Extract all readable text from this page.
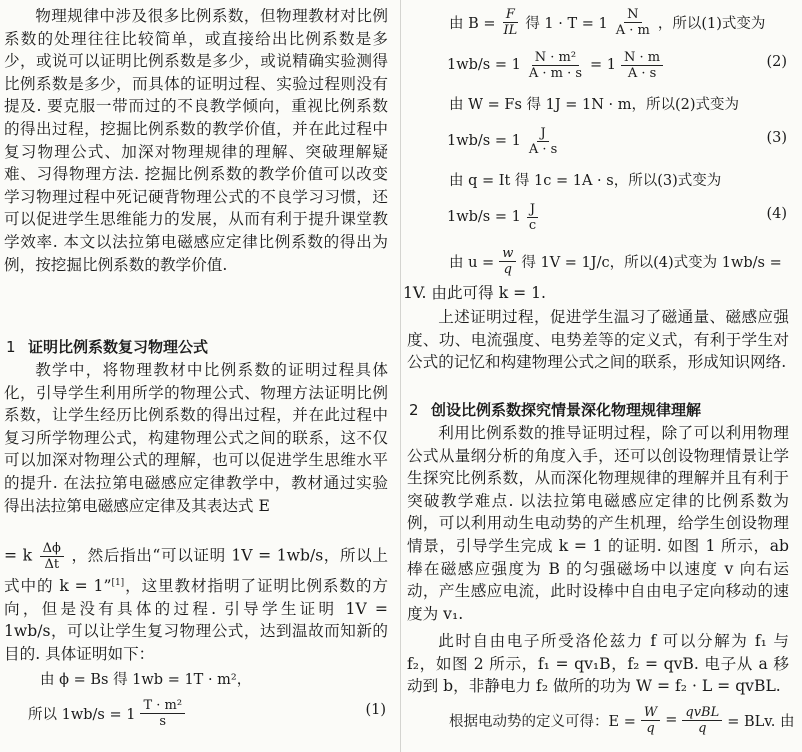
物理规律中涉及很多比例系数，但物理教材对比例系数的处理往往比较简单，或直接给出比例系数是多少，或说可以证明比例系数是多少，或说精确实验测得比例系数是多少，而具体的证明过程、实验过程则没有提及. 要克服一带而过的不良教学倾向，重视比例系数的得出过程，挖掘比例系数的教学价值，并在此过程中复习物理公式、加深对物理规律的理解、突破理解疑难、习得物理方法. 挖掘比例系数的教学价值可以改变学习物理过程中死记硬背物理公式的不良学习习惯，还可以促进学生思维能力的发展，从而有利于提升课堂教学效率. 本文以法拉第电磁感应定律比例系数的得出为例，按挖掘比例系数的教学价值.

1 证明比例系数复习物理公式

教学中，将物理教材中比例系数的证明过程具体化，引导学生利用所学的物理公式、物理方法证明比例系数，让学生经历比例系数的得出过程，并在此过程中复习所学物理公式，构建物理公式之间的联系，这不仅可以加深对物理公式的理解，也可以促进学生思维水平的提升. 在法拉第电磁感应定律教学中，教材通过实验得出法拉第电磁感应定律及其表达式 E

= k $\frac{\Delta\phi}{\Delta t}$ ，然后指出“可以证明 1V = 1wb/s，所以上式中的 k = 1”[1]，这里教材指明了证明比例系数的方向，但是没有具体的过程. 引导学生证明 1V = 1wb/s，可以让学生复习物理公式，达到温故而知新的目的. 具体证明如下：

由 ϕ = Bs 得 1wb = 1T · m²，
所以 $1wb/s = 1 \frac{\text{T · m²}}{s}$	(1)
由 $B = \frac{F}{IL}$ 得 $1 \cdot T = 1 \frac{N}{A \cdot m}$ ，所以(1)式变为
$1wb/s = 1 \frac{\text{N · m²}}{A \cdot m \cdot s} = 1 \frac{N \cdot m}{A \cdot s}$	(2)
由 W = Fs 得 1J = 1N · m，所以(2)式变为
$1wb/s = 1 \frac{J}{A \cdot s}$	(3)
由 q = It 得 1c = 1A · s，所以(3)式变为
$1wb/s = 1 \frac{J}{c}$	(4)
由 $u = \frac{w}{q}$ 得 1V = 1J/c，所以(4)式变为 1wb/s =

1V. 由此可得 k = 1.

上述证明过程，促进学生温习了磁通量、磁感应强度、功、电流强度、电势差等的定义式，有利于学生对公式的记忆和构建物理公式之间的联系，形成知识网络.

2 创设比例系数探究情景深化物理规律理解

利用比例系数的推导证明过程，除了可以利用物理公式从量纲分析的角度入手，还可以创设物理情景让学生探究比例系数，从而深化物理规律的理解并且有利于突破教学难点. 以法拉第电磁感应定律的比例系数为例，可以利用动生电动势的产生机理，给学生创设物理情景，引导学生完成 k = 1 的证明. 如图 1 所示，ab 棒在磁感应强度为 B 的匀强磁场中以速度 v 向右运动，产生感应电流，此时设棒中自由电子定向移动的速度为 v₁.

此时自由电子所受洛伦兹力 f 可以分解为 f₁ 与 f₂，如图 2 所示，f₁ = qv₁B，f₂ = qvB. 电子从 a 移动到 b，非静电力 f₂ 做所的功为 W = f₂ · L = qvBL.

根据电动势的定义可得：$E = \frac{W}{q} = \frac{\text{qvBL}}{q}$ = BLv. 由
